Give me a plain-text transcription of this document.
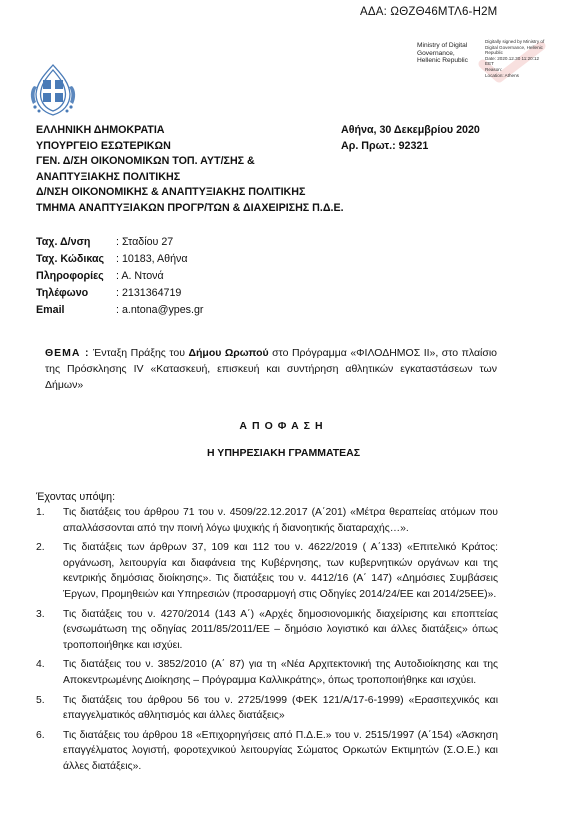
ΑΔΑ: ΩΘΖΘ46ΜΤΛ6-Η2Μ
Ministry of Digital
Governance,
Hellenic Republic
Digitally signed by Ministry of
Digital Governance, Hellenic
Republic
Date: 2020.12.30 11:20:12
EET
Reason:
Location: Athens
ΕΛΛΗΝΙΚΗ ΔΗΜΟΚΡΑΤΙΑ
ΥΠΟΥΡΓΕΙΟ ΕΣΩΤΕΡΙΚΩΝ
ΓΕΝ. Δ/ΣΗ ΟΙΚΟΝΟΜΙΚΩΝ ΤΟΠ. ΑΥΤ/ΣΗΣ &
ΑΝΑΠΤΥΞΙΑΚΗΣ ΠΟΛΙΤΙΚΗΣ
Δ/ΝΣΗ ΟΙΚΟΝΟΜΙΚΗΣ & ΑΝΑΠΤΥΞΙΑΚΗΣ ΠΟΛΙΤΙΚΗΣ
ΤΜΗΜΑ ΑΝΑΠΤΥΞΙΑΚΩΝ ΠΡΟΓΡ/ΤΩΝ & ΔΙΑΧΕΙΡΙΣΗΣ Π.Δ.Ε.
Αθήνα, 30 Δεκεμβρίου 2020
Αρ. Πρωτ.: 92321
Ταχ. Δ/νση : Σταδίου 27
Ταχ. Κώδικας : 10183, Αθήνα
Πληροφορίες : Α. Ντονά
Τηλέφωνο	: 2131364719
Email	: a.ntona@ypes.gr
ΘΕΜΑ : Ένταξη Πράξης του Δήμου Ωρωπού στο Πρόγραμμα «ΦΙΛΟΔΗΜΟΣ ΙΙ», στο πλαίσιο της Πρόσκλησης ΙV «Κατασκευή, επισκευή και συντήρηση αθλητικών εγκαταστάσεων των Δήμων»
ΑΠΟΦΑΣΗ
Η ΥΠΗΡΕΣΙΑΚΗ ΓΡΑΜΜΑΤΕΑΣ
Έχοντας υπόψη:
1. Τις διατάξεις του άρθρου 71 του ν. 4509/22.12.2017 (Α΄201) «Μέτρα θεραπείας ατόμων που απαλλάσσονται από την ποινή λόγω ψυχικής ή διανοητικής διαταραχής…».
2. Τις διατάξεις των άρθρων 37, 109 και 112 του ν. 4622/2019 ( Α΄133) «Επιτελικό Κράτος: οργάνωση, λειτουργία και διαφάνεια της Κυβέρνησης, των κυβερνητικών οργάνων και της κεντρικής δημόσιας διοίκησης». Τις διατάξεις του ν. 4412/16 (Α΄ 147) «Δημόσιες Συμβάσεις Έργων, Προμηθειών και Υπηρεσιών (προσαρμογή στις Οδηγίες 2014/24/ΕΕ και 2014/25ΕΕ)».
3. Τις διατάξεις του ν. 4270/2014 (143 Α΄) «Αρχές δημοσιονομικής διαχείρισης και εποπτείας (ενσωμάτωση της οδηγίας 2011/85/2011/ΕΕ – δημόσιο λογιστικό και άλλες διατάξεις» όπως τροποποιήθηκε και ισχύει.
4. Τις διατάξεις του ν. 3852/2010 (Α΄ 87) για τη «Νέα Αρχιτεκτονική της Αυτοδιοίκησης και της Αποκεντρωμένης Διοίκησης – Πρόγραμμα Καλλικράτης», όπως τροποποιήθηκε και ισχύει.
5. Τις διατάξεις του άρθρου 56 του ν. 2725/1999 (ΦΕΚ 121/Α/17-6-1999) «Ερασιτεχνικός και επαγγελματικός αθλητισμός και άλλες διατάξεις»
6. Τις διατάξεις του άρθρου 18 «Επιχορηγήσεις από Π.Δ.Ε.» του ν. 2515/1997 (Α΄154) «Άσκηση επαγγέλματος λογιστή, φοροτεχνικού λειτουργίας Σώματος Ορκωτών Εκτιμητών (Σ.Ο.Ε.) και άλλες διατάξεις».
